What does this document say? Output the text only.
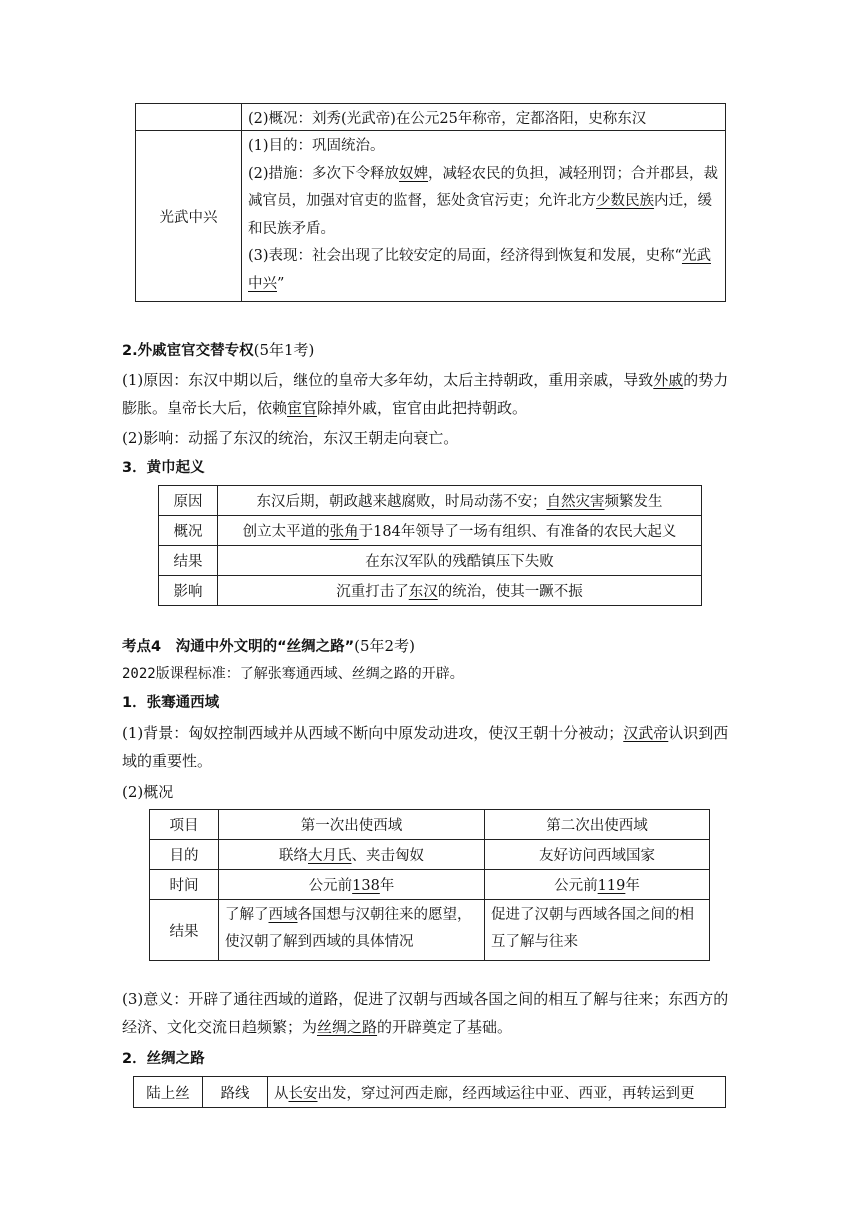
	(2)概况：刘秀(光武帝)在公元25年称帝，定都洛阳，史称东汉
光武中兴	(1)目的：巩固统治。
(2)措施：多次下令释放奴婢，减轻农民的负担，减轻刑罚；合并郡县，裁减官员，加强对官吏的监督，惩处贪官污吏；允许北方少数民族内迁，缓和民族矛盾。
(3)表现：社会出现了比较安定的局面，经济得到恢复和发展，史称“光武中兴”
2.外戚宦官交替专权(5年1考)
(1)原因：东汉中期以后，继位的皇帝大多年幼，太后主持朝政，重用亲戚，导致外戚的势力膨胀。皇帝长大后，依赖宦官除掉外戚，宦官由此把持朝政。
(2)影响：动摇了东汉的统治，东汉王朝走向衰亡。
3．黄巾起义
原因	东汉后期，朝政越来越腐败，时局动荡不安；自然灾害频繁发生
概况	创立太平道的张角于184年领导了一场有组织、有准备的农民大起义
结果	在东汉军队的残酷镇压下失败
影响	沉重打击了东汉的统治，使其一蹶不振
考点4　沟通中外文明的“丝绸之路”(5年2考)
2022版课程标准：了解张骞通西域、丝绸之路的开辟。
1．张骞通西域
(1)背景：匈奴控制西域并从西域不断向中原发动进攻，使汉王朝十分被动；汉武帝认识到西域的重要性。
(2)概况
项目	第一次出使西域	第二次出使西域
目的	联络大月氏、夹击匈奴	友好访问西域国家
时间	公元前138年	公元前119年
结果	了解了西域各国想与汉朝往来的愿望，使汉朝了解到西域的具体情况	促进了汉朝与西域各国之间的相互了解与往来
(3)意义：开辟了通往西域的道路，促进了汉朝与西域各国之间的相互了解与往来；东西方的经济、文化交流日趋频繁；为丝绸之路的开辟奠定了基础。
2．丝绸之路
陆上丝	路线	从长安出发，穿过河西走廊，经西域运往中亚、西亚，再转运到更
